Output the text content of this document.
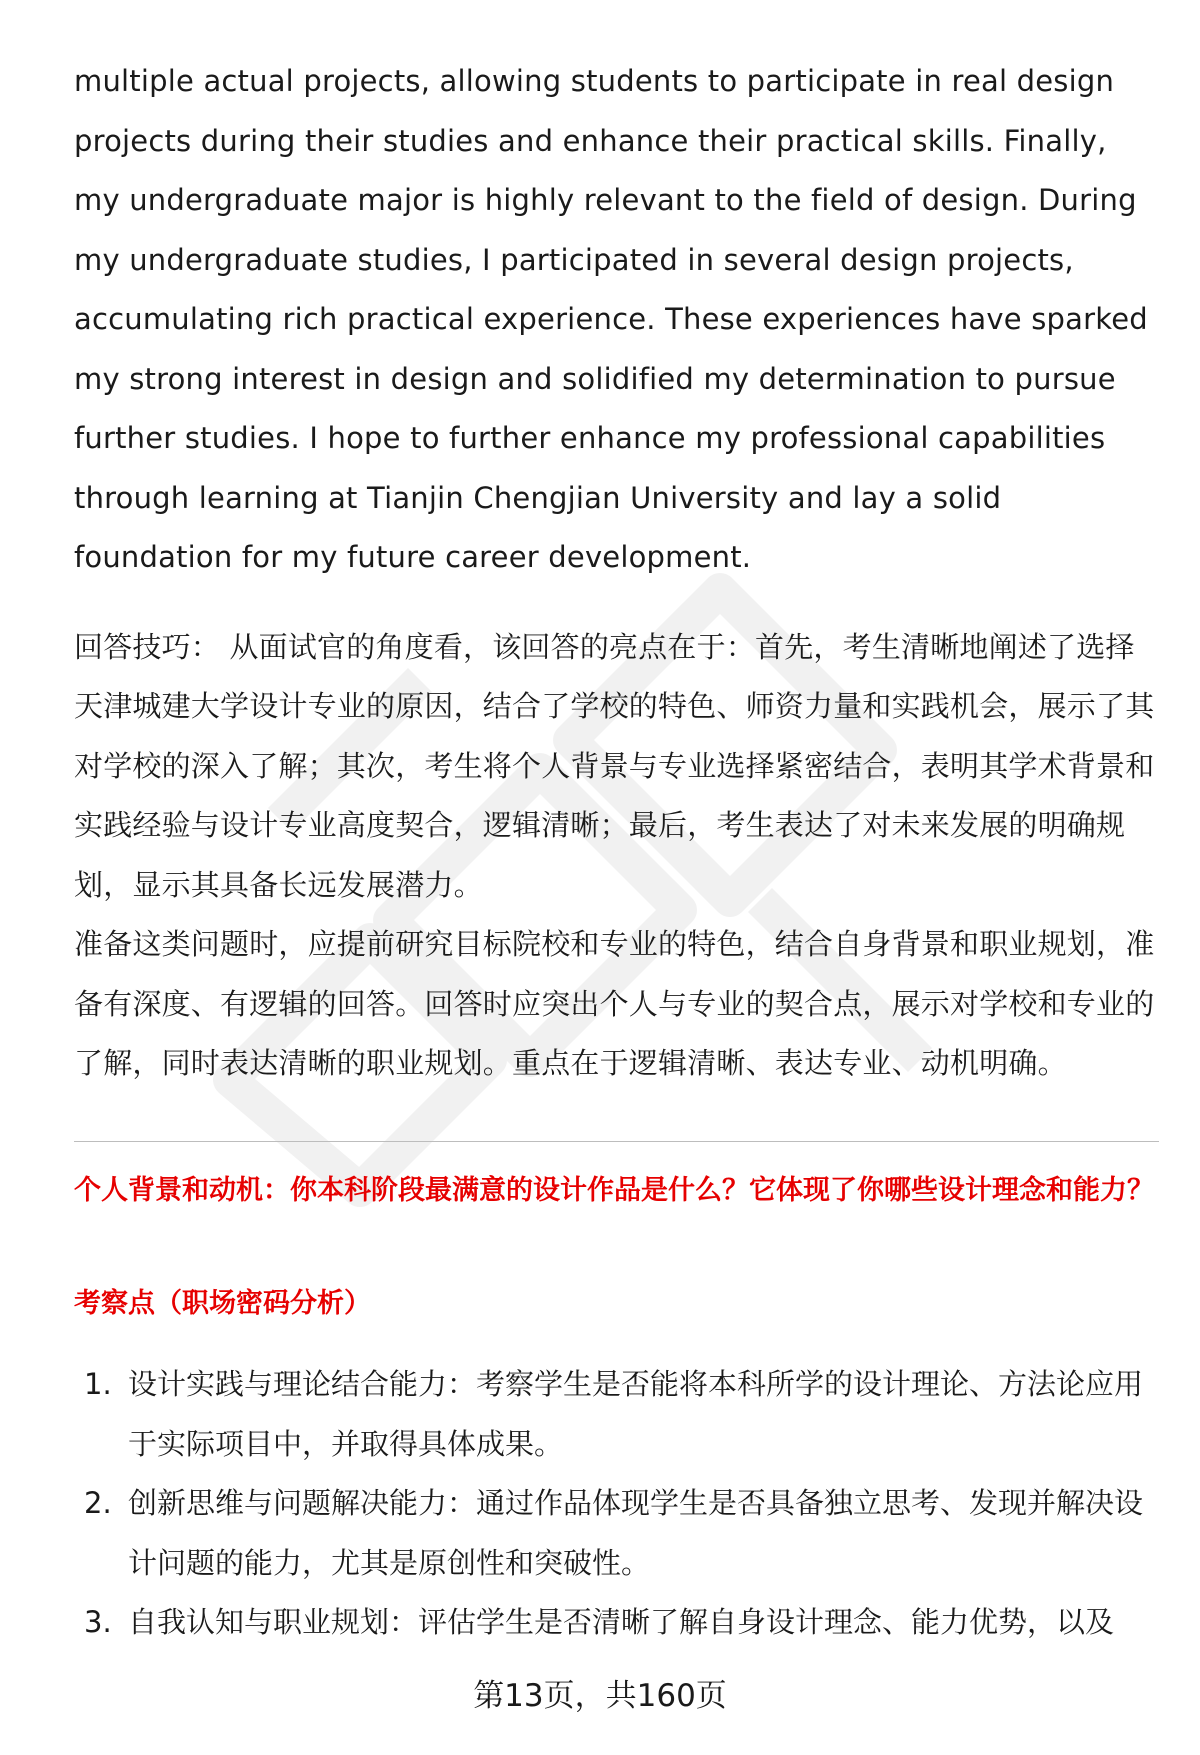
multiple actual projects, allowing students to participate in real design projects during their studies and enhance their practical skills. Finally, my undergraduate major is highly relevant to the field of design. During my undergraduate studies, I participated in several design projects, accumulating rich practical experience. These experiences have sparked my strong interest in design and solidified my determination to pursue further studies. I hope to further enhance my professional capabilities through learning at Tianjin Chengjian University and lay a solid foundation for my future career development.

回答技巧： 从面试官的角度看，该回答的亮点在于：首先，考生清晰地阐述了选择天津城建大学设计专业的原因，结合了学校的特色、师资力量和实践机会，展示了其对学校的深入了解；其次，考生将个人背景与专业选择紧密结合，表明其学术背景和实践经验与设计专业高度契合，逻辑清晰；最后，考生表达了对未来发展的明确规划，显示其具备长远发展潜力。

准备这类问题时，应提前研究目标院校和专业的特色，结合自身背景和职业规划，准备有深度、有逻辑的回答。回答时应突出个人与专业的契合点，展示对学校和专业的了解，同时表达清晰的职业规划。重点在于逻辑清晰、表达专业、动机明确。

个人背景和动机：你本科阶段最满意的设计作品是什么？它体现了你哪些设计理念和能力？

考察点（职场密码分析）

1. 设计实践与理论结合能力：考察学生是否能将本科所学的设计理论、方法论应用于实际项目中，并取得具体成果。
2. 创新思维与问题解决能力：通过作品体现学生是否具备独立思考、发现并解决设计问题的能力，尤其是原创性和突破性。
3. 自我认知与职业规划：评估学生是否清晰了解自身设计理念、能力优势，以及
第13页，共160页
